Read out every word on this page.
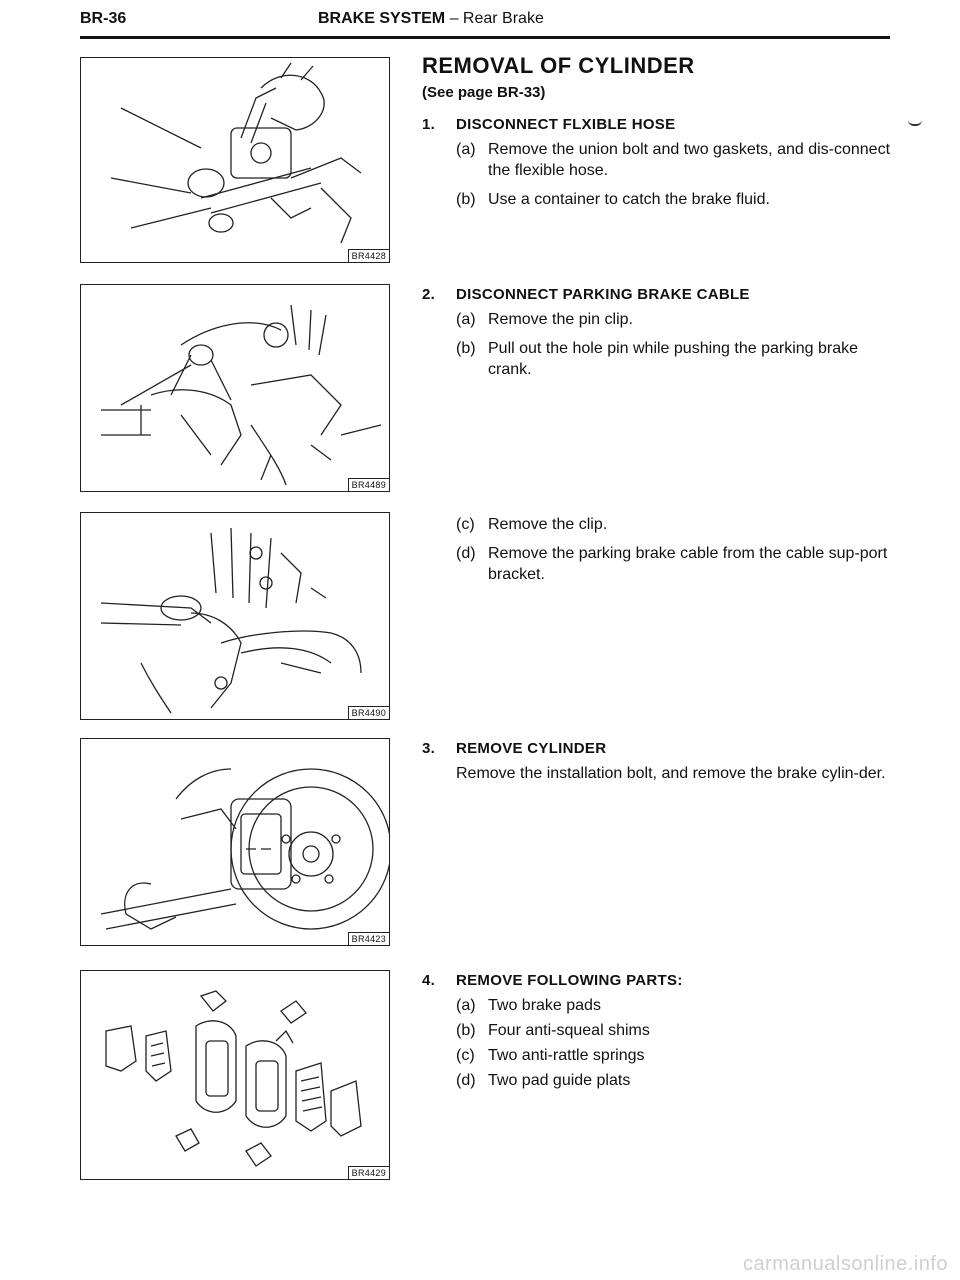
BR-36	BRAKE SYSTEM – Rear Brake
BR4428
BR4489
BR4490
BR4423
BR4429
REMOVAL OF CYLINDER
(See page BR-33)
1.	DISCONNECT FLXIBLE HOSE
(a) Remove the union bolt and two gaskets, and dis-connect the flexible hose.
(b) Use a container to catch the brake fluid.
2.	DISCONNECT PARKING BRAKE CABLE
(a) Remove the pin clip.
(b) Pull out the hole pin while pushing the parking brake crank.
(c) Remove the clip.
(d) Remove the parking brake cable from the cable sup-port bracket.
3.	REMOVE CYLINDER
Remove the installation bolt, and remove the brake cylin-der.
4.	REMOVE FOLLOWING PARTS:
(a) Two brake pads
(b) Four anti-squeal shims
(c) Two anti-rattle springs
(d) Two pad guide plats
carmanualsonline.info
